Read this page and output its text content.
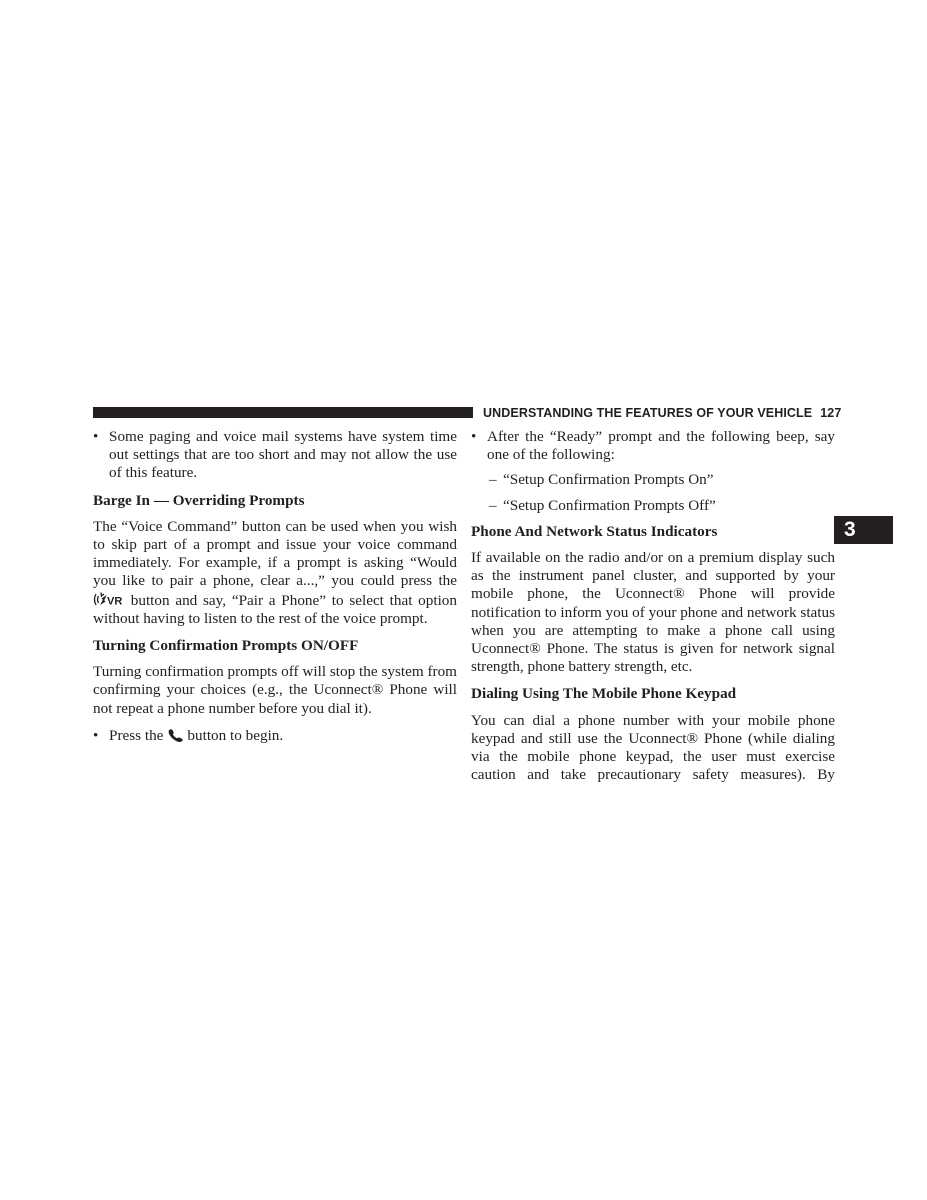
UNDERSTANDING THE FEATURES OF YOUR VEHICLE 127
3

• Some paging and voice mail systems have system time out settings that are too short and may not allow the use of this feature.

Barge In — Overriding Prompts

The “Voice Command” button can be used when you wish to skip part of a prompt and issue your voice command immediately. For example, if a prompt is asking “Would you like to pair a phone, clear a...,” you could press the
VR button and say, “Pair a Phone” to select that option without having to listen to the rest of the voice prompt.

Turning Confirmation Prompts ON/OFF

Turning confirmation prompts off will stop the system from confirming your choices (e.g., the Uconnect® Phone will not repeat a phone number before you dial it).

• Press the button to begin.

• After the “Ready” prompt and the following beep, say one of the following:

– “Setup Confirmation Prompts On”

– “Setup Confirmation Prompts Off”

Phone And Network Status Indicators

If available on the radio and/or on a premium display such as the instrument panel cluster, and supported by your mobile phone, the Uconnect® Phone will provide notification to inform you of your phone and network status when you are attempting to make a phone call using Uconnect® Phone. The status is given for network signal strength, phone battery strength, etc.

Dialing Using The Mobile Phone Keypad

You can dial a phone number with your mobile phone keypad and still use the Uconnect® Phone (while dialing via the mobile phone keypad, the user must exercise caution and take precautionary safety measures). By
